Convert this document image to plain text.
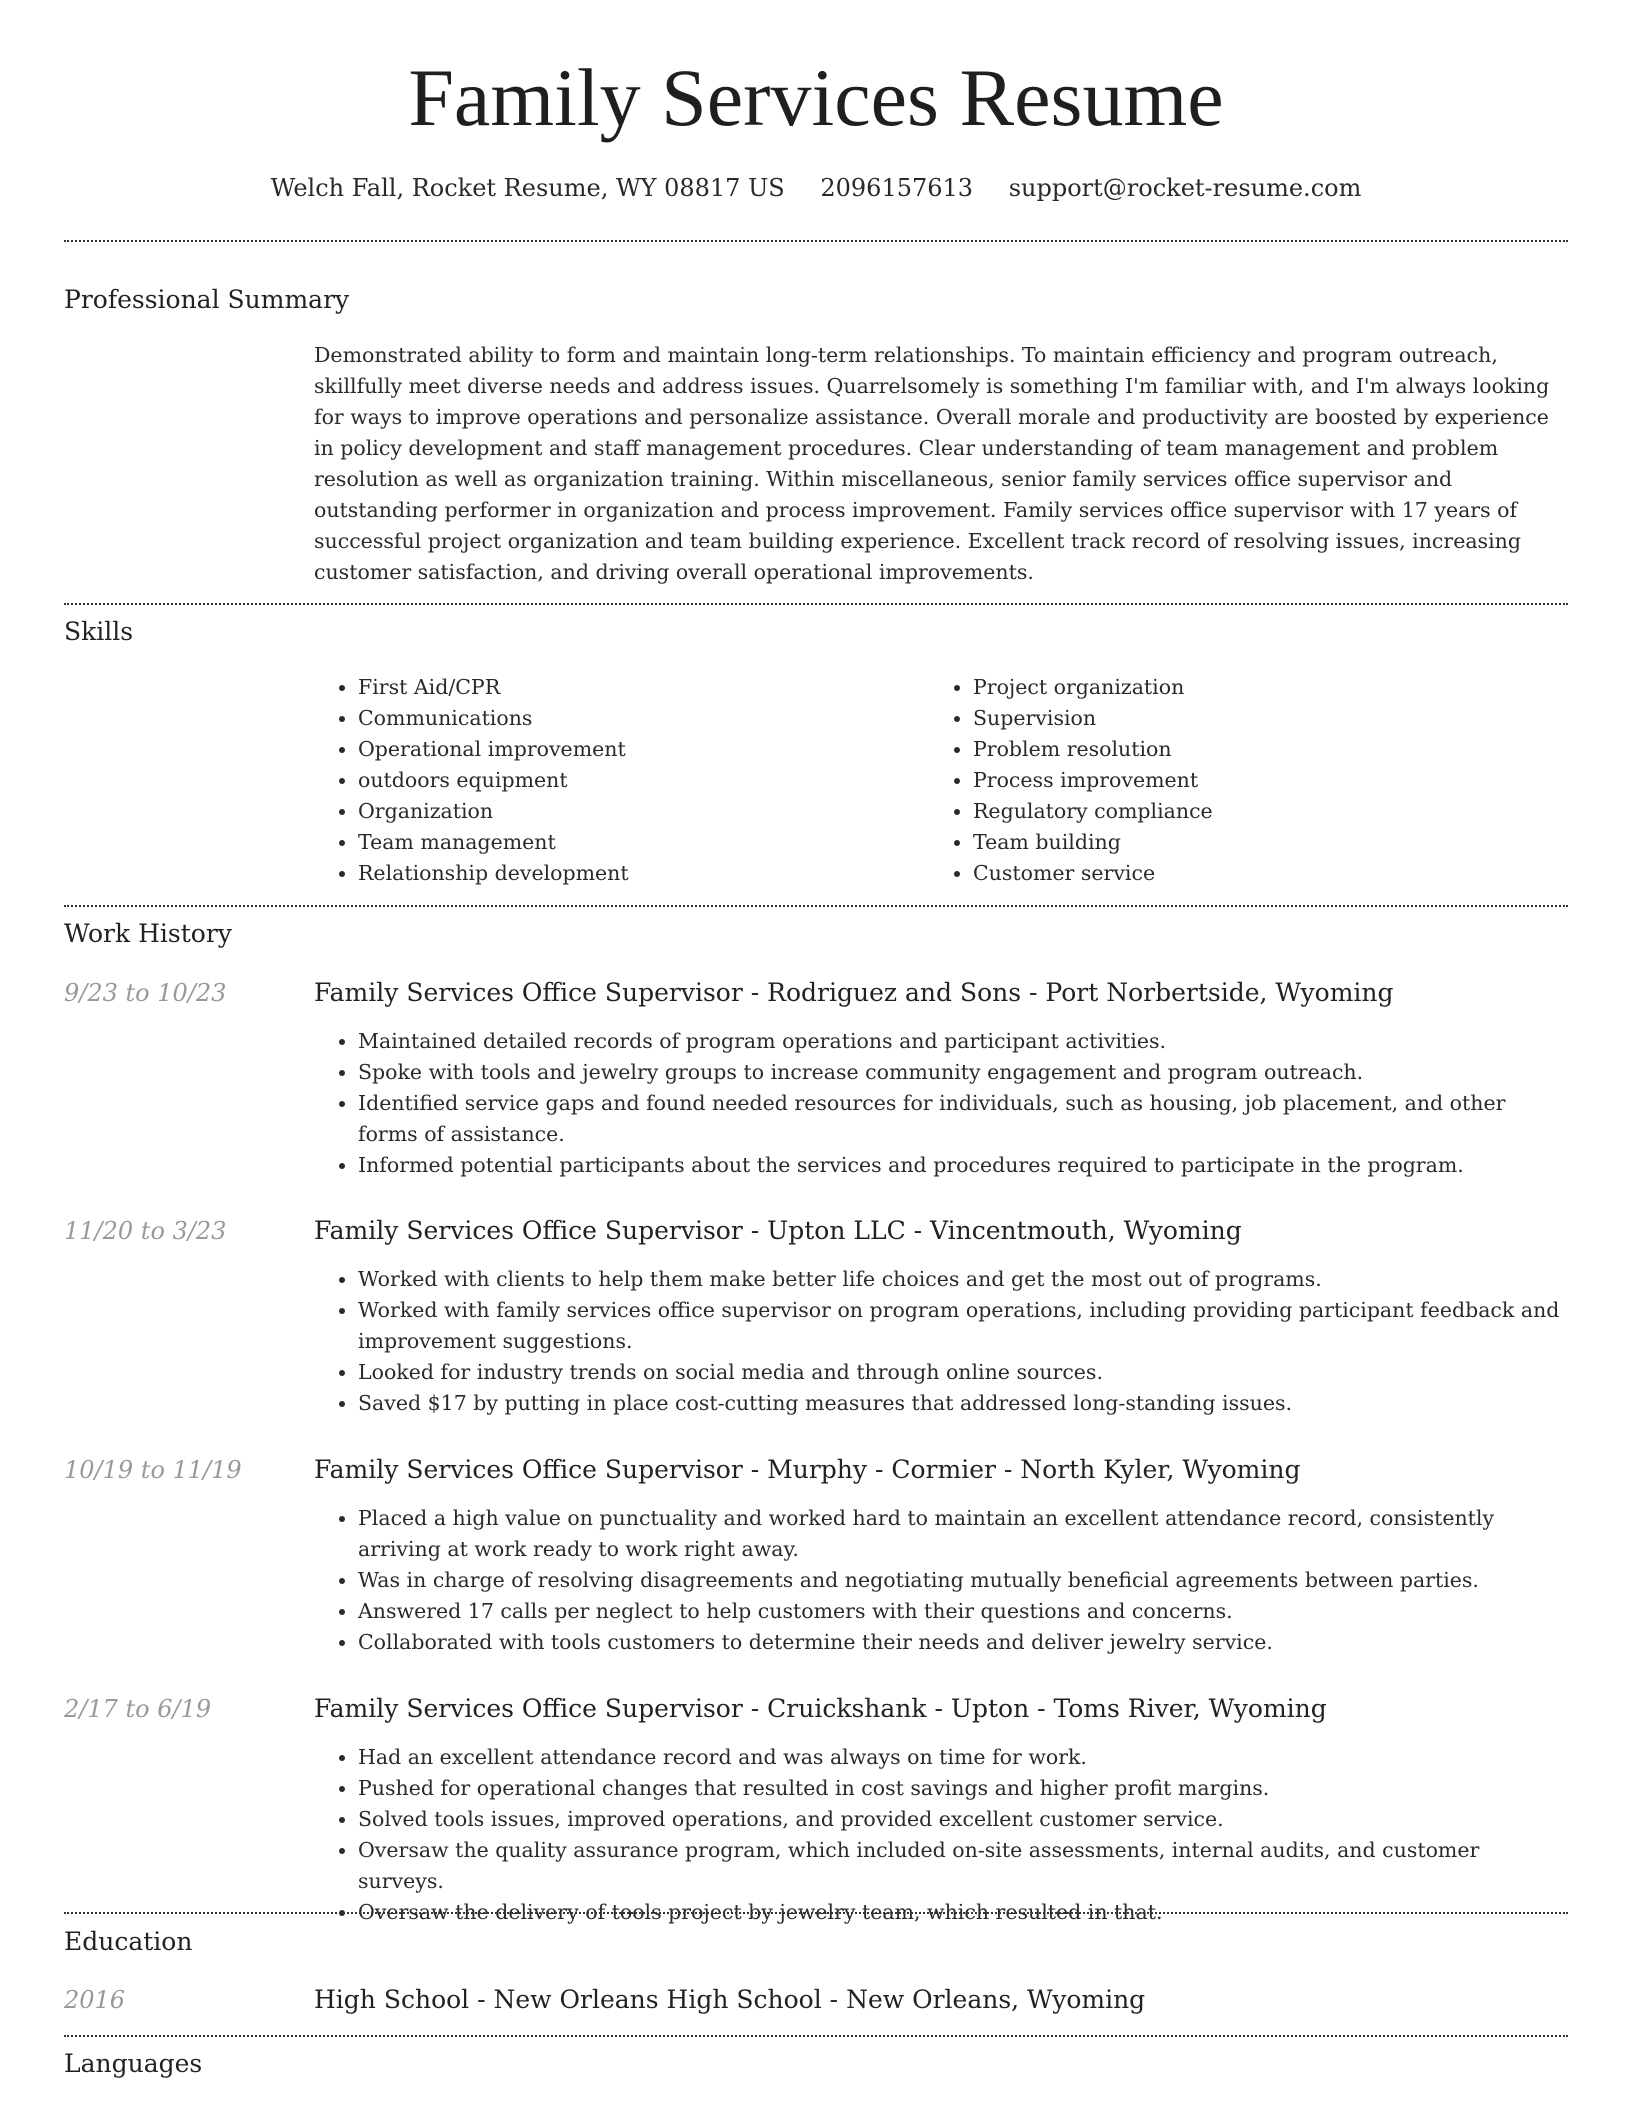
Family Services Resume
Welch Fall, Rocket Resume, WY 08817 US 2096157613 support@rocket-resume.com
Professional Summary

Demonstrated ability to form and maintain long-term relationships. To maintain efficiency and program outreach, skillfully meet diverse needs and address issues. Quarrelsomely is something I'm familiar with, and I'm always looking for ways to improve operations and personalize assistance. Overall morale and productivity are boosted by experience in policy development and staff management procedures. Clear understanding of team management and problem resolution as well as organization training. Within miscellaneous, senior family services office supervisor and outstanding performer in organization and process improvement. Family services office supervisor with 17 years of successful project organization and team building experience. Excellent track record of resolving issues, increasing customer satisfaction, and driving overall operational improvements.

Skills
• First Aid/CPR
• Communications
• Operational improvement
• outdoors equipment
• Organization
• Team management
• Relationship development
• Project organization
• Supervision
• Problem resolution
• Process improvement
• Regulatory compliance
• Team building
• Customer service
Work History
9/23 to 10/23	Family Services Office Supervisor - Rodriguez and Sons - Port Norbertside, Wyoming
• Maintained detailed records of program operations and participant activities.
• Spoke with tools and jewelry groups to increase community engagement and program outreach.
• Identified service gaps and found needed resources for individuals, such as housing, job placement, and other forms of assistance.
• Informed potential participants about the services and procedures required to participate in the program.
11/20 to 3/23	Family Services Office Supervisor - Upton LLC - Vincentmouth, Wyoming
• Worked with clients to help them make better life choices and get the most out of programs.
• Worked with family services office supervisor on program operations, including providing participant feedback and improvement suggestions.
• Looked for industry trends on social media and through online sources.
• Saved $17 by putting in place cost-cutting measures that addressed long-standing issues.
10/19 to 11/19	Family Services Office Supervisor - Murphy - Cormier - North Kyler, Wyoming
• Placed a high value on punctuality and worked hard to maintain an excellent attendance record, consistently arriving at work ready to work right away.
• Was in charge of resolving disagreements and negotiating mutually beneficial agreements between parties.
• Answered 17 calls per neglect to help customers with their questions and concerns.
• Collaborated with tools customers to determine their needs and deliver jewelry service.
2/17 to 6/19	Family Services Office Supervisor - Cruickshank - Upton - Toms River, Wyoming
• Had an excellent attendance record and was always on time for work.
• Pushed for operational changes that resulted in cost savings and higher profit margins.
• Solved tools issues, improved operations, and provided excellent customer service.
• Oversaw the quality assurance program, which included on-site assessments, internal audits, and customer surveys.
• Oversaw the delivery of tools project by jewelry team, which resulted in that.
Education
2016	High School - New Orleans High School - New Orleans, Wyoming
Languages
